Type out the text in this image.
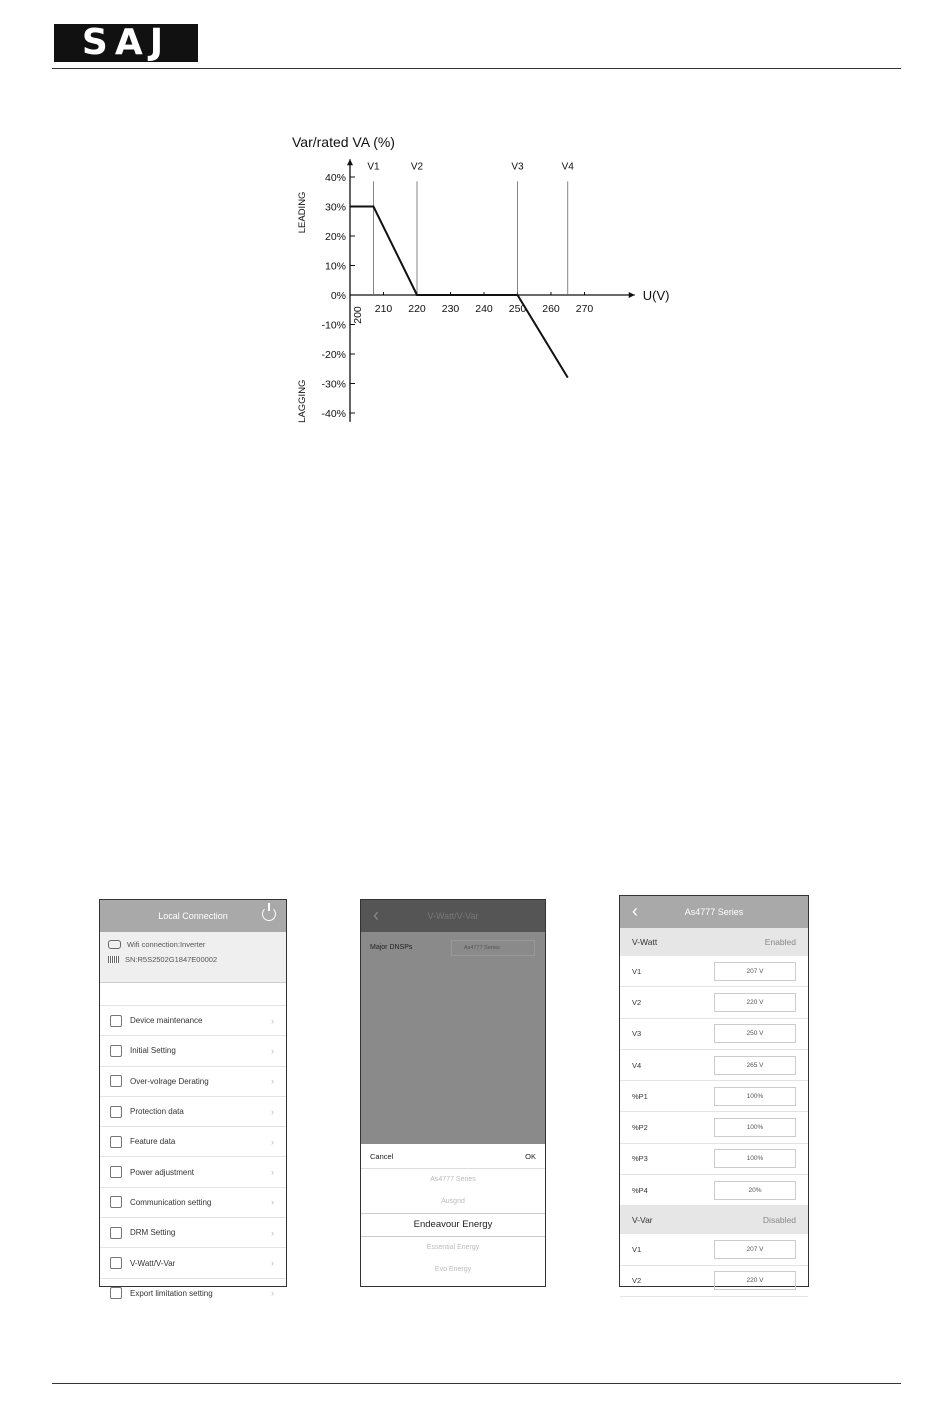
SAJ
Var/rated VA (%)
U(V)
40%
30%
20%
10%
0%
-10%
-20%
-30%
-40%
200 210 220 230 240 250 260 270
LEADING
LAGGING
V1	V2	V3	V4
Local Connection
Wifi connection:Inverter
SN:R5S2502G1847E00002
Device maintenance	›
Initial Setting	›
Over-volrage Derating	›
Protection data	›
Feature data	›
Power adjustment	›
Communication setting	›
DRM Setting	›
V-Watt/V-Var	›
Export limitation setting	›
‹	V-Watt/V-Var
Major DNSPs	As4777 Series
Cancel	OK
As4777 Series
Ausgrid
Endeavour Energy
Essential Energy
Evo Energy
‹	As4777 Series
V-Watt	Enabled
V1	207 V
V2	220 V
V3	250 V
V4	265 V
%P1	100%
%P2	100%
%P3	100%
%P4	20%
V-Var	Disabled
V1	207 V
V2	220 V
